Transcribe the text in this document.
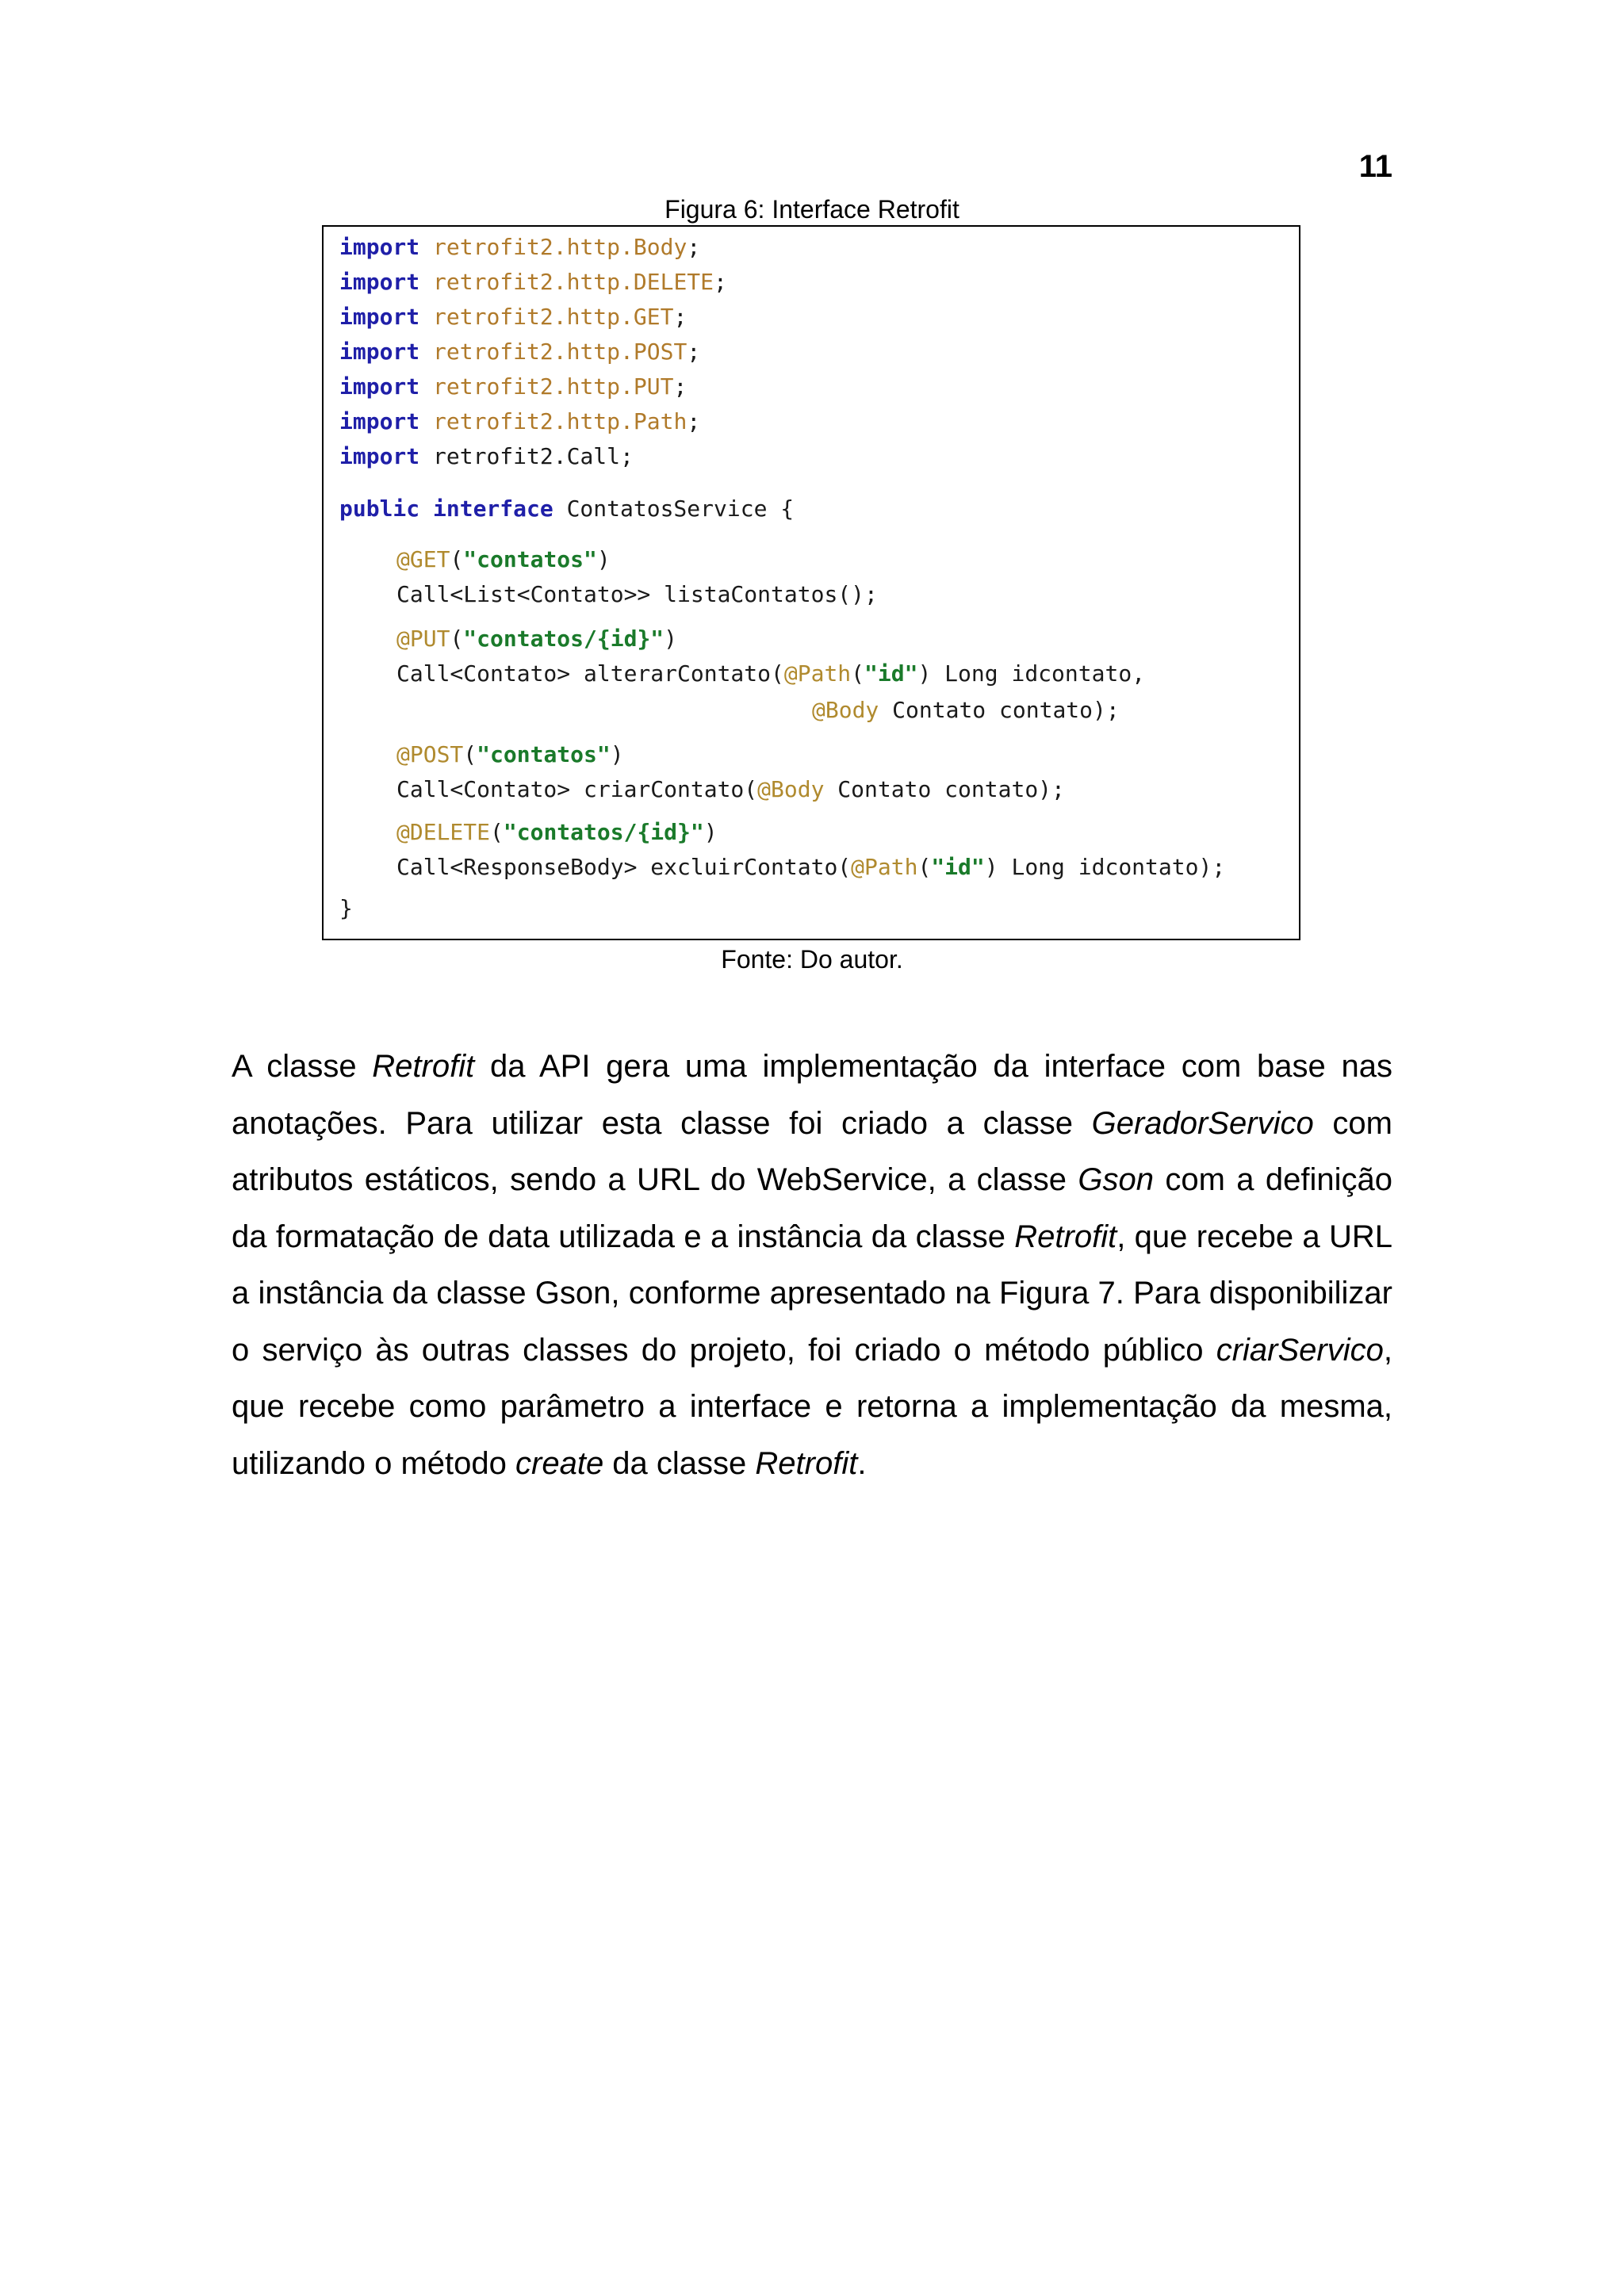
11
Figura 6: Interface Retrofit
import retrofit2.http.Body;
import retrofit2.http.DELETE;
import retrofit2.http.GET;
import retrofit2.http.POST;
import retrofit2.http.PUT;
import retrofit2.http.Path;
import retrofit2.Call;
public interface ContatosService {
@GET("contatos")
Call<List<Contato>> listaContatos();
@PUT("contatos/{id}")
Call<Contato> alterarContato(@Path("id") Long idcontato,
@Body Contato contato);
@POST("contatos")
Call<Contato> criarContato(@Body Contato contato);
@DELETE("contatos/{id}")
Call<ResponseBody> excluirContato(@Path("id") Long idcontato);
}
Fonte: Do autor.

A classe Retrofit da API gera uma implementação da interface com base nas anotações. Para utilizar esta classe foi criado a classe GeradorServico com atributos estáticos, sendo a URL do WebService, a classe Gson com a definição da formatação de data utilizada e a instância da classe Retrofit, que recebe a URL a instância da classe Gson, conforme apresentado na Figura 7. Para disponibilizar o serviço às outras classes do projeto, foi criado o método público criarServico, que recebe como parâmetro a interface e retorna a implementação da mesma, utilizando o método create da classe Retrofit.
